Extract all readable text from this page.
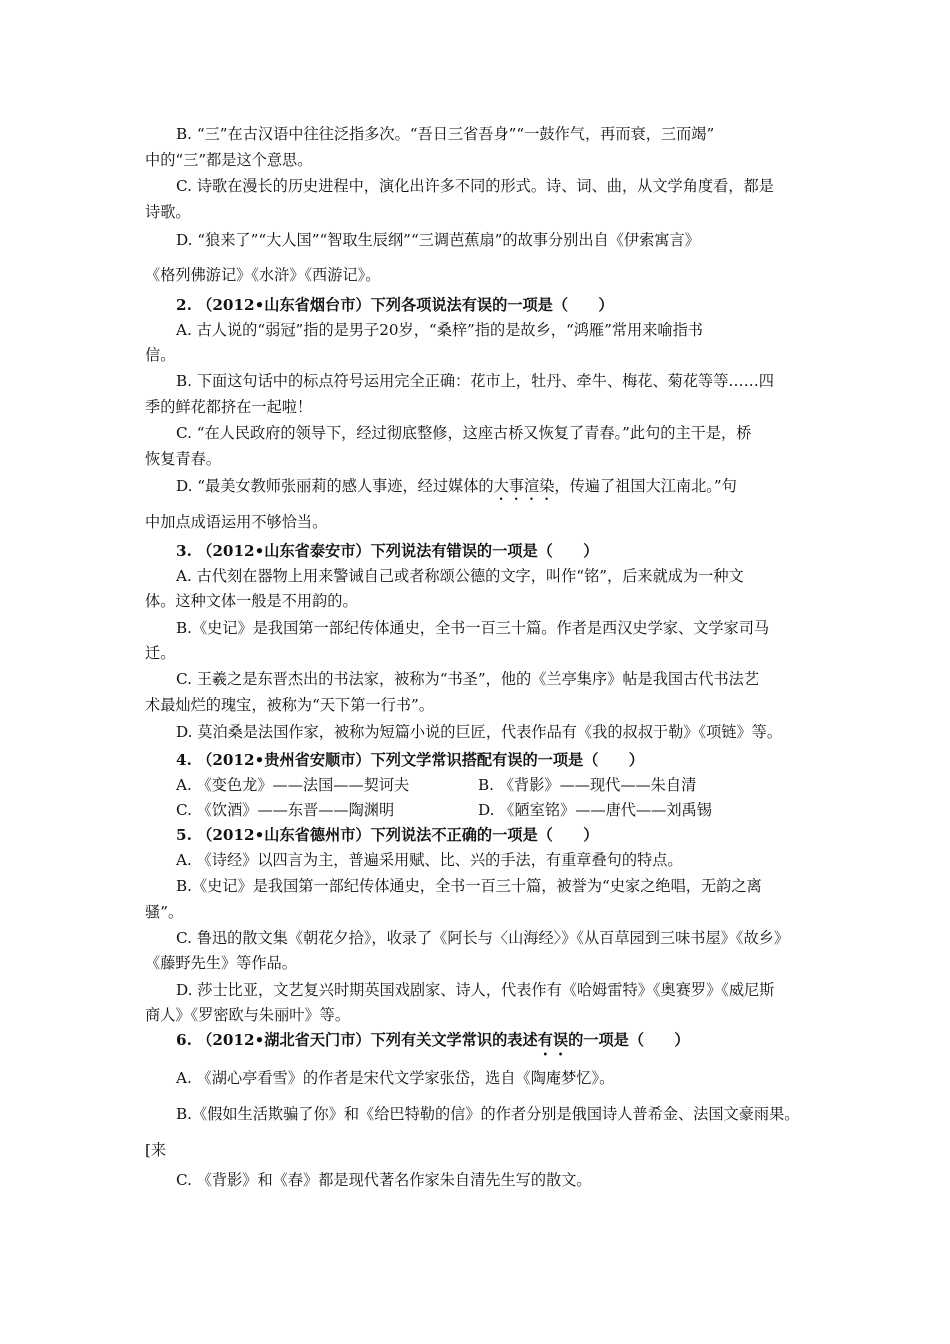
B. “三”在古汉语中往往泛指多次。“吾日三省吾身”“一鼓作气，再而衰，三而竭”
中的“三”都是这个意思。
C. 诗歌在漫长的历史进程中，演化出许多不同的形式。诗、词、曲，从文学角度看，都是
诗歌。
D. “狼来了”“大人国”“智取生辰纲”“三调芭蕉扇”的故事分别出自《伊索寓言》
《格列佛游记》《水浒》《西游记》。
2. （2012•山东省烟台市）下列各项说法有误的一项是（　　）
A. 古人说的“弱冠”指的是男子20岁，“桑梓”指的是故乡，“鸿雁”常用来喻指书
信。
B. 下面这句话中的标点符号运用完全正确：花市上，牡丹、牵牛、梅花、菊花等等……四
季的鲜花都挤在一起啦！
C. “在人民政府的领导下，经过彻底整修，这座古桥又恢复了青春。”此句的主干是，桥
恢复青春。
D. “最美女教师张丽莉的感人事迹，经过媒体的大事渲染，传遍了祖国大江南北。”句
中加点成语运用不够恰当。
3. （2012•山东省泰安市）下列说法有错误的一项是（　　）
A. 古代刻在器物上用来警诫自己或者称颂公德的文字，叫作“铭”，后来就成为一种文
体。这种文体一般是不用韵的。
B.《史记》是我国第一部纪传体通史，全书一百三十篇。作者是西汉史学家、文学家司马
迁。
C. 王羲之是东晋杰出的书法家，被称为“书圣”，他的《兰亭集序》帖是我国古代书法艺
术最灿烂的瑰宝，被称为“天下第一行书”。
D. 莫泊桑是法国作家，被称为短篇小说的巨匠，代表作品有《我的叔叔于勒》《项链》等。
4. （2012•贵州省安顺市）下列文学常识搭配有误的一项是（　　）
A. 《变色龙》——法国——契诃夫	B. 《背影》——现代——朱自清
C. 《饮酒》——东晋——陶渊明	D. 《陋室铭》——唐代——刘禹锡
5. （2012•山东省德州市）下列说法不正确的一项是（　　）
A. 《诗经》以四言为主，普遍采用赋、比、兴的手法，有重章叠句的特点。
B.《史记》是我国第一部纪传体通史，全书一百三十篇，被誉为“史家之绝唱，无韵之离
骚”。
C. 鲁迅的散文集《朝花夕拾》，收录了《阿长与〈山海经〉》《从百草园到三味书屋》《故乡》
《藤野先生》等作品。
D. 莎士比亚，文艺复兴时期英国戏剧家、诗人，代表作有《哈姆雷特》《奥赛罗》《威尼斯
商人》《罗密欧与朱丽叶》等。
6. （2012•湖北省天门市）下列有关文学常识的表述有误的一项是（　　）
A. 《湖心亭看雪》的作者是宋代文学家张岱，选自《陶庵梦忆》。
B.《假如生活欺骗了你》和《给巴特勒的信》的作者分别是俄国诗人普希金、法国文豪雨果。
[来
C. 《背影》和《春》都是现代著名作家朱自清先生写的散文。
